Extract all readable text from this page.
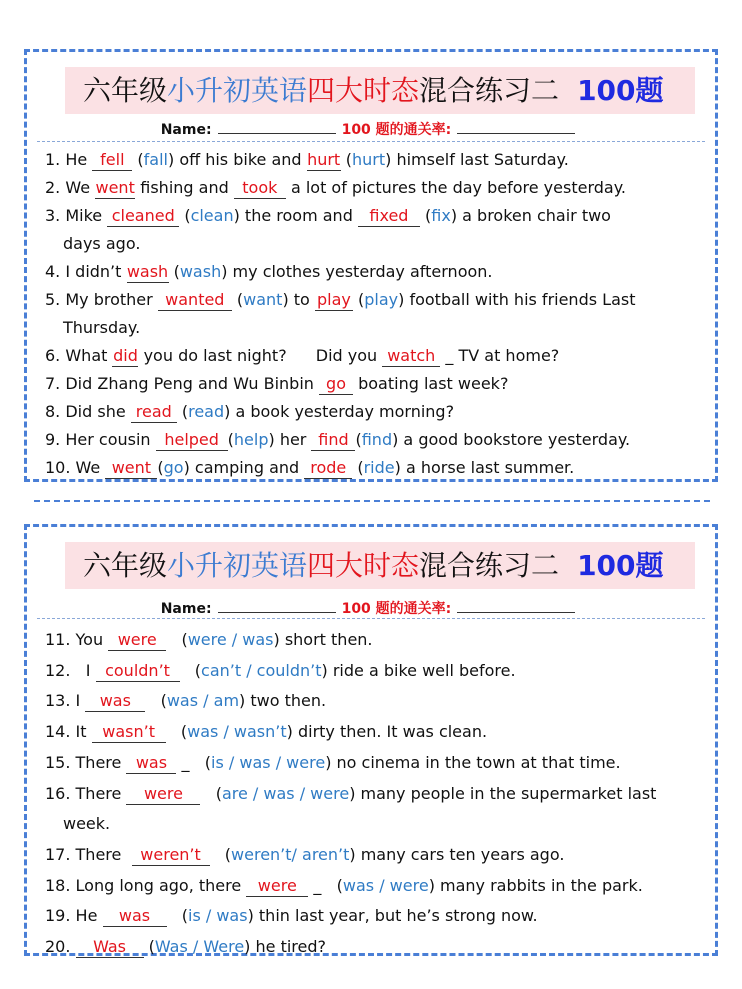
六年级小升初英语四大时态混合练习二 100题
Name:	100 题的通关率:
1. He fell (fall) off his bike and hurt (hurt) himself last Saturday.
2. We went fishing and took a lot of pictures the day before yesterday.
3. Mike cleaned (clean) the room and fixed (fix) a broken chair two
days ago.
4. I didn’t wash (wash) my clothes yesterday afternoon.
5. My brother wanted (want) to play (play) football with his friends Last
Thursday.
6. What did you do last night? Did you watch _ TV at home?
7. Did Zhang Peng and Wu Binbin go boating last week?
8. Did she read (read) a book yesterday morning?
9. Her cousin helped (help) her find (find) a good bookstore yesterday.
10. We went (go) camping and rode (ride) a horse last summer.
六年级小升初英语四大时态混合练习二 100题
Name:	100 题的通关率:
11. You were   (were / was) short then.
12.   I couldn’t   (can’t / couldn’t) ride a bike well before.
13. I was   (was / am) two then.
14. It wasn’t   (was / wasn’t) dirty then. It was clean.
15. There was _   (is / was / were) no cinema in the town at that time.
16. There were   (are / was / were) many people in the supermarket last
week.
17. There weren’t   (weren’t/ aren’t) many cars ten years ago.
18. Long long ago, there were _   (was / were) many rabbits in the park.
19. He was   (is / was) thin last year, but he’s strong now.
20. Was (Was / Were) he tired?
